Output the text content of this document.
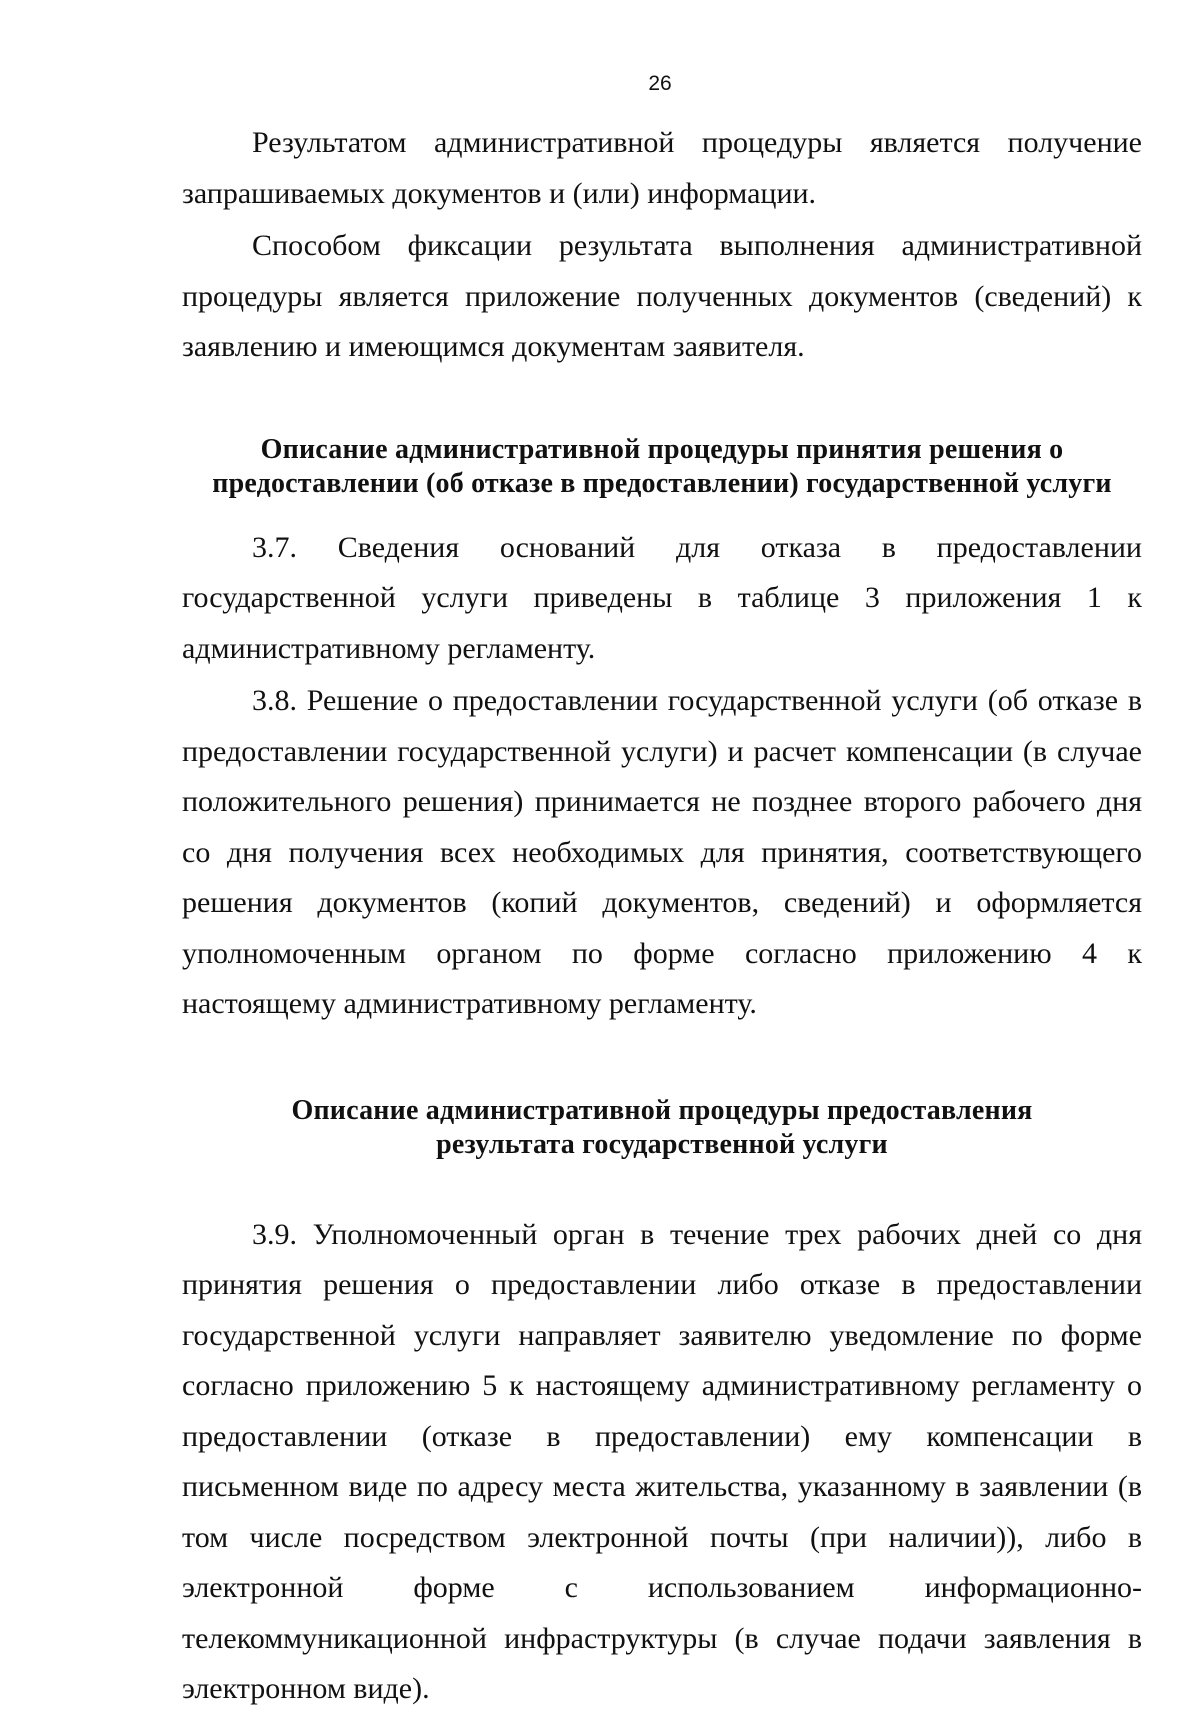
26

Результатом административной процедуры является получение запрашиваемых документов и (или) информации.

Способом фиксации результата выполнения административной процедуры является приложение полученных документов (сведений) к заявлению и имеющимся документам заявителя.

Описание административной процедуры принятия решения о
предоставлении (об отказе в предоставлении) государственной услуги

3.7. Сведения оснований для отказа в предоставлении государственной услуги приведены в таблице 3 приложения 1 к административному регламенту.

3.8. Решение о предоставлении государственной услуги (об отказе в предоставлении государственной услуги) и расчет компенсации (в случае положительного решения) принимается не позднее второго рабочего дня со дня получения всех необходимых для принятия, соответствующего решения документов (копий документов, сведений) и оформляется уполномоченным органом по форме согласно приложению 4 к настоящему административному регламенту.

Описание административной процедуры предоставления
результата государственной услуги

3.9. Уполномоченный орган в течение трех рабочих дней со дня принятия решения о предоставлении либо отказе в предоставлении государственной услуги направляет заявителю уведомление по форме согласно приложению 5 к настоящему административному регламенту о предоставлении (отказе в предоставлении) ему компенсации в письменном виде по адресу места жительства, указанному в заявлении (в том числе посредством электронной почты (при наличии)), либо в электронной форме с использованием информационно-телекоммуникационной инфраструктуры (в случае подачи заявления в электронном виде).
